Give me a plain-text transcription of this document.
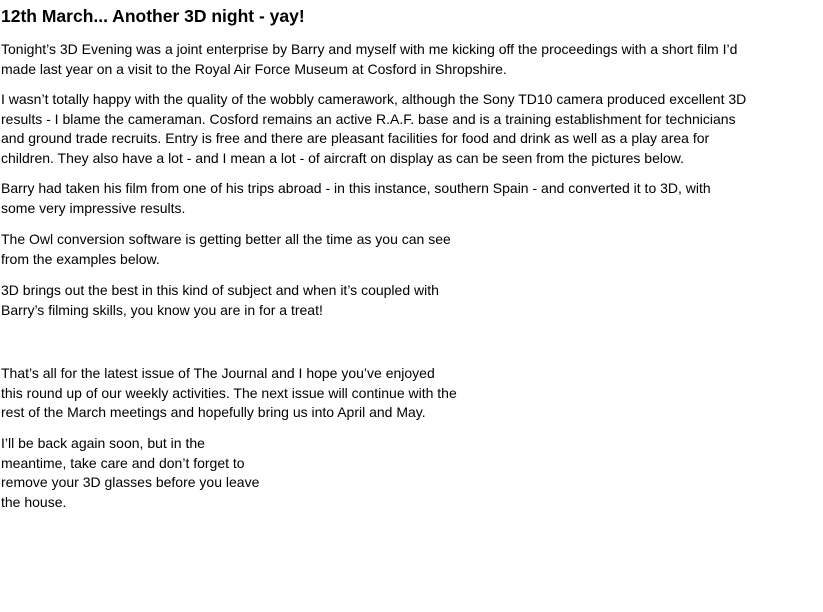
12th March... Another 3D night - yay!

Tonight’s 3D Evening was a joint enterprise by Barry and myself with me kicking off the proceedings with a short film I’d
made last year on a visit to the Royal Air Force Museum at Cosford in Shropshire.

I wasn’t totally happy with the quality of the wobbly camerawork, although the Sony TD10 camera produced excellent 3D
results - I blame the cameraman. Cosford remains an active R.A.F. base and is a training establishment for technicians
and ground trade recruits. Entry is free and there are pleasant facilities for food and drink as well as a play area for
children. They also have a lot - and I mean a lot - of aircraft on display as can be seen from the pictures below.

Barry had taken his film from one of his trips abroad - in this instance, southern Spain - and converted it to 3D, with
some very impressive results.

The Owl conversion software is getting better all the time as you can see
from the examples below.

3D brings out the best in this kind of subject and when it’s coupled with
Barry’s filming skills, you know you are in for a treat!

That’s all for the latest issue of The Journal and I hope you’ve enjoyed
this round up of our weekly activities. The next issue will continue with the
rest of the March meetings and hopefully bring us into April and May.

I’ll be back again soon, but in the
meantime, take care and don’t forget to
remove your 3D glasses before you leave
the house.
